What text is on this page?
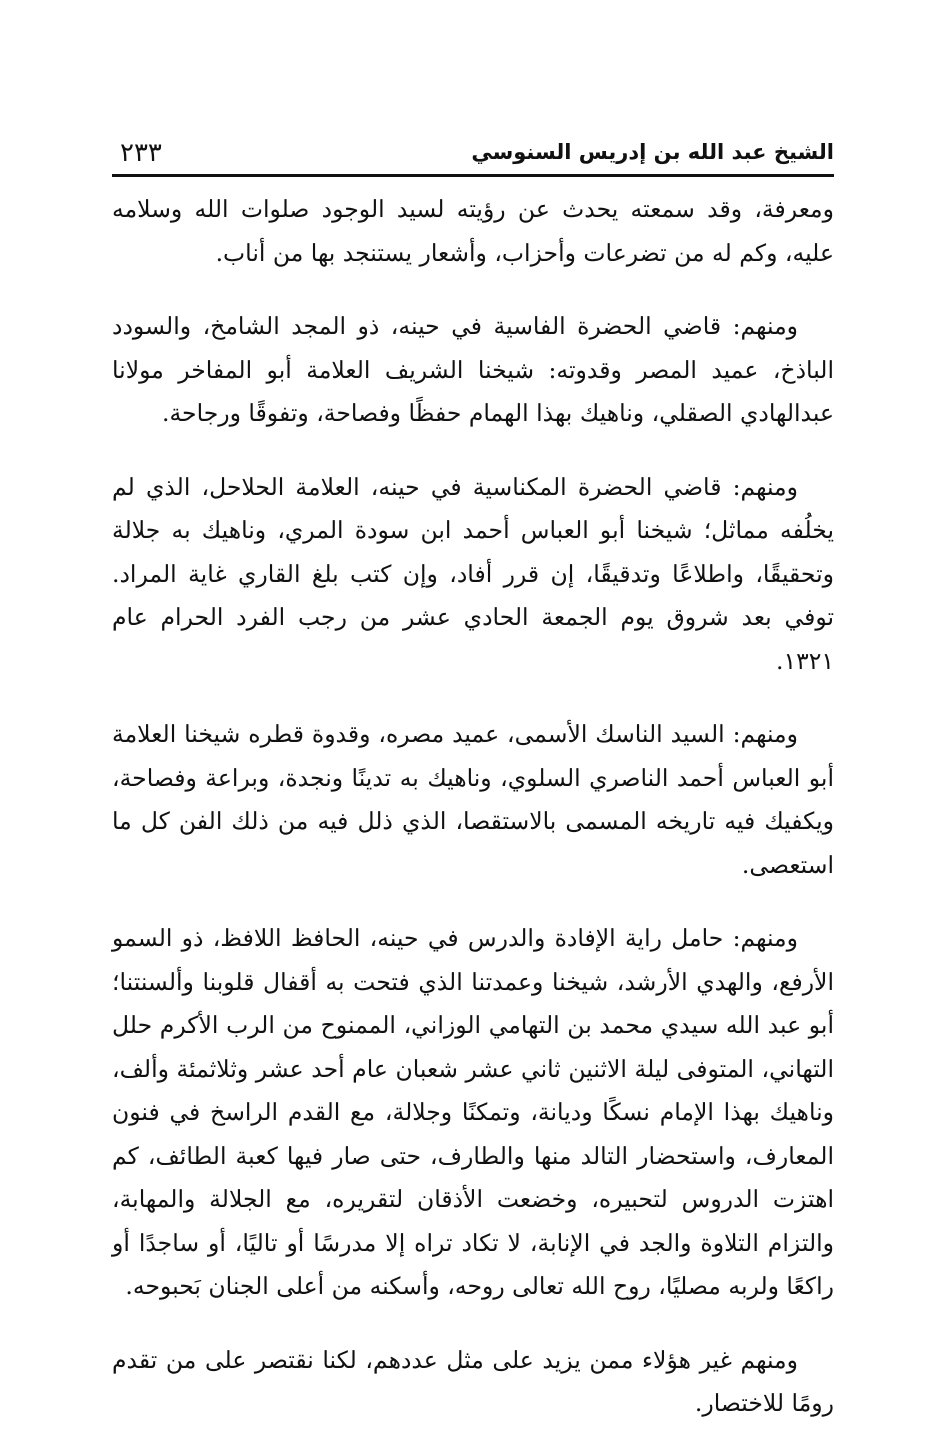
الشيخ عبد الله بن إدريس السنوسي
٢٣٣

ومعرفة، وقد سمعته يحدث عن رؤيته لسيد الوجود صلوات الله وسلامه عليه، وكم له من تضرعات وأحزاب، وأشعار يستنجد بها من أناب.

ومنهم: قاضي الحضرة الفاسية في حينه، ذو المجد الشامخ، والسودد الباذخ، عميد المصر وقدوته: شيخنا الشريف العلامة أبو المفاخر مولانا عبدالهادي الصقلي، وناهيك بهذا الهمام حفظًا وفصاحة، وتفوقًا ورجاحة.

ومنهم: قاضي الحضرة المكناسية في حينه، العلامة الحلاحل، الذي لم يخلُفه مماثل؛ شيخنا أبو العباس أحمد ابن سودة المري، وناهيك به جلالة وتحقيقًا، واطلاعًا وتدقيقًا، إن قرر أفاد، وإن كتب بلغ القاري غاية المراد. توفي بعد شروق يوم الجمعة الحادي عشر من رجب الفرد الحرام عام ١٣٢١.

ومنهم: السيد الناسك الأسمى، عميد مصره، وقدوة قطره شيخنا العلامة أبو العباس أحمد الناصري السلوي، وناهيك به تدينًا ونجدة، وبراعة وفصاحة، ويكفيك فيه تاريخه المسمى بالاستقصا، الذي ذلل فيه من ذلك الفن كل ما استعصى.

ومنهم: حامل راية الإفادة والدرس في حينه، الحافظ اللافظ، ذو السمو الأرفع، والهدي الأرشد، شيخنا وعمدتنا الذي فتحت به أقفال قلوبنا وألسنتنا؛ أبو عبد الله سيدي محمد بن التهامي الوزاني، الممنوح من الرب الأكرم حلل التهاني، المتوفى ليلة الاثنين ثاني عشر شعبان عام أحد عشر وثلاثمئة وألف، وناهيك بهذا الإمام نسكًا وديانة، وتمكنًا وجلالة، مع القدم الراسخ في فنون المعارف، واستحضار التالد منها والطارف، حتى صار فيها كعبة الطائف، كم اهتزت الدروس لتحبيره، وخضعت الأذقان لتقريره، مع الجلالة والمهابة، والتزام التلاوة والجد في الإنابة، لا تكاد تراه إلا مدرسًا أو تاليًا، أو ساجدًا أو راكعًا ولربه مصليًا، روح الله تعالى روحه، وأسكنه من أعلى الجنان بَحبوحه.

ومنهم غير هؤلاء ممن يزيد على مثل عددهم، لكنا نقتصر على من تقدم رومًا للاختصار.
